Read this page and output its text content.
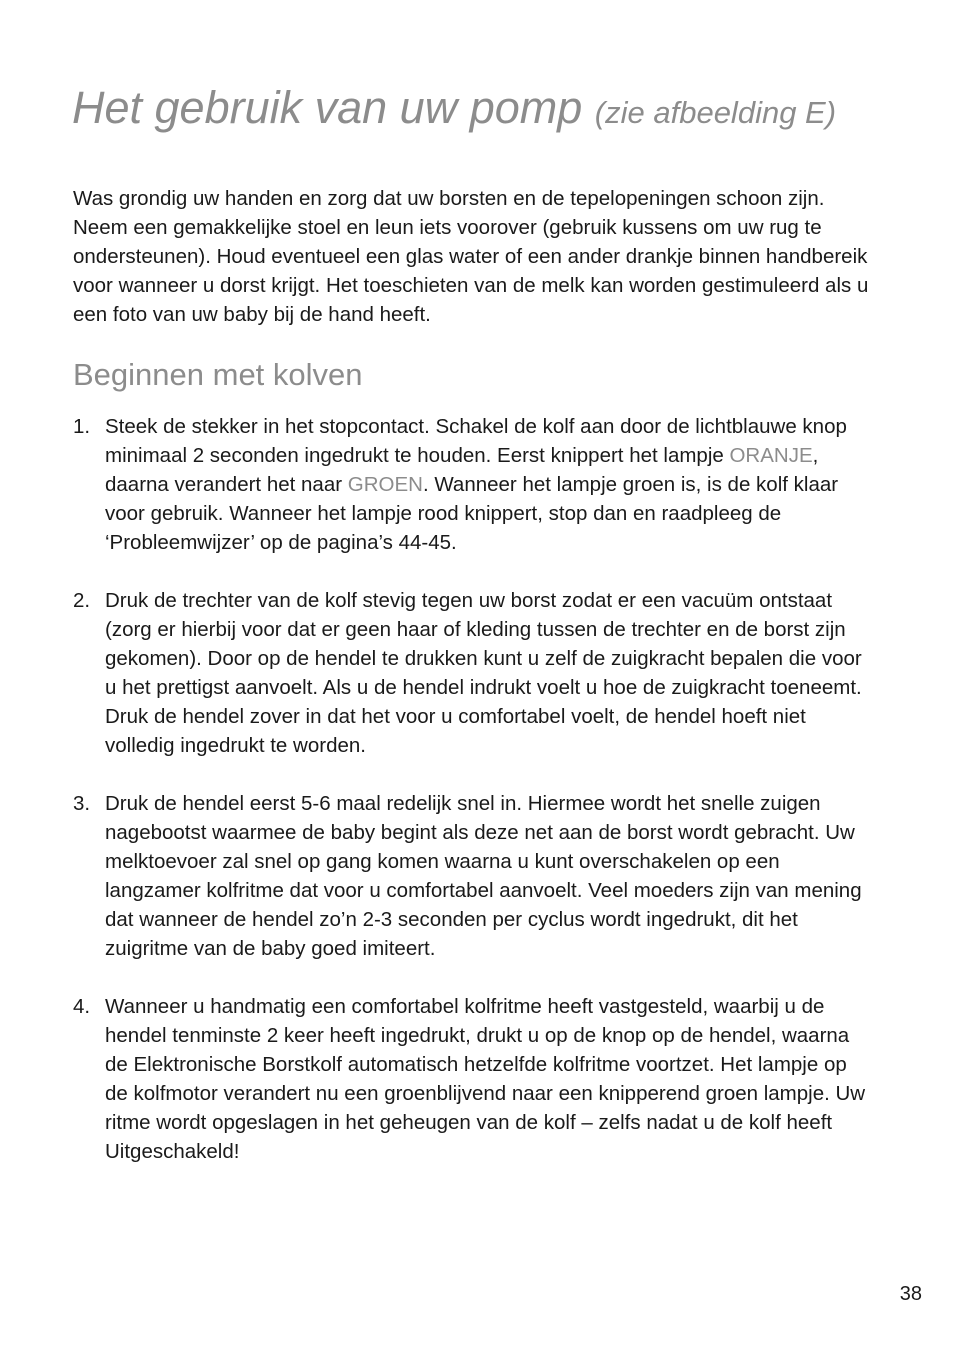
Het gebruik van uw pomp (zie afbeelding E)

Was grondig uw handen en zorg dat uw borsten en de tepelopeningen schoon zijn. Neem een gemakkelijke stoel en leun iets voorover (gebruik kussens om uw rug te ondersteunen). Houd eventueel een glas water of een ander drankje binnen handbereik voor wanneer u dorst krijgt. Het toeschieten van de melk kan worden gestimuleerd als u een foto van uw baby bij de hand heeft.

Beginnen met kolven
1. Steek de stekker in het stopcontact. Schakel de kolf aan door de lichtblauwe knop minimaal 2 seconden ingedrukt te houden. Eerst knippert het lampje ORANJE, daarna verandert het naar GROEN. Wanneer het lampje groen is, is de kolf klaar voor gebruik. Wanneer het lampje rood knippert, stop dan en raadpleeg de ‘Probleemwijzer’ op de pagina’s 44-45.
2. Druk de trechter van de kolf stevig tegen uw borst zodat er een vacuüm ontstaat (zorg er hierbij voor dat er geen haar of kleding tussen de trechter en de borst zijn gekomen). Door op de hendel te drukken kunt u zelf de zuigkracht bepalen die voor u het prettigst aanvoelt. Als u de hendel indrukt voelt u hoe de zuigkracht toeneemt. Druk de hendel zover in dat het voor u comfortabel voelt, de hendel hoeft niet volledig ingedrukt te worden.
3. Druk de hendel eerst 5-6 maal redelijk snel in. Hiermee wordt het snelle zuigen nagebootst waarmee de baby begint als deze net aan de borst wordt gebracht. Uw melktoevoer zal snel op gang komen waarna u kunt overschakelen op een langzamer kolfritme dat voor u comfortabel aanvoelt. Veel moeders zijn van mening dat wanneer de hendel zo’n 2-3 seconden per cyclus wordt ingedrukt, dit het zuigritme van de baby goed imiteert.
4. Wanneer u handmatig een comfortabel kolfritme heeft vastgesteld, waarbij u de hendel tenminste 2 keer heeft ingedrukt, drukt u op de knop op de hendel, waarna de Elektronische Borstkolf automatisch hetzelfde kolfritme voortzet. Het lampje op de kolfmotor verandert nu een groenblijvend naar een knipperend groen lampje. Uw ritme wordt opgeslagen in het geheugen van de kolf – zelfs nadat u de kolf heeft Uitgeschakeld!
38
